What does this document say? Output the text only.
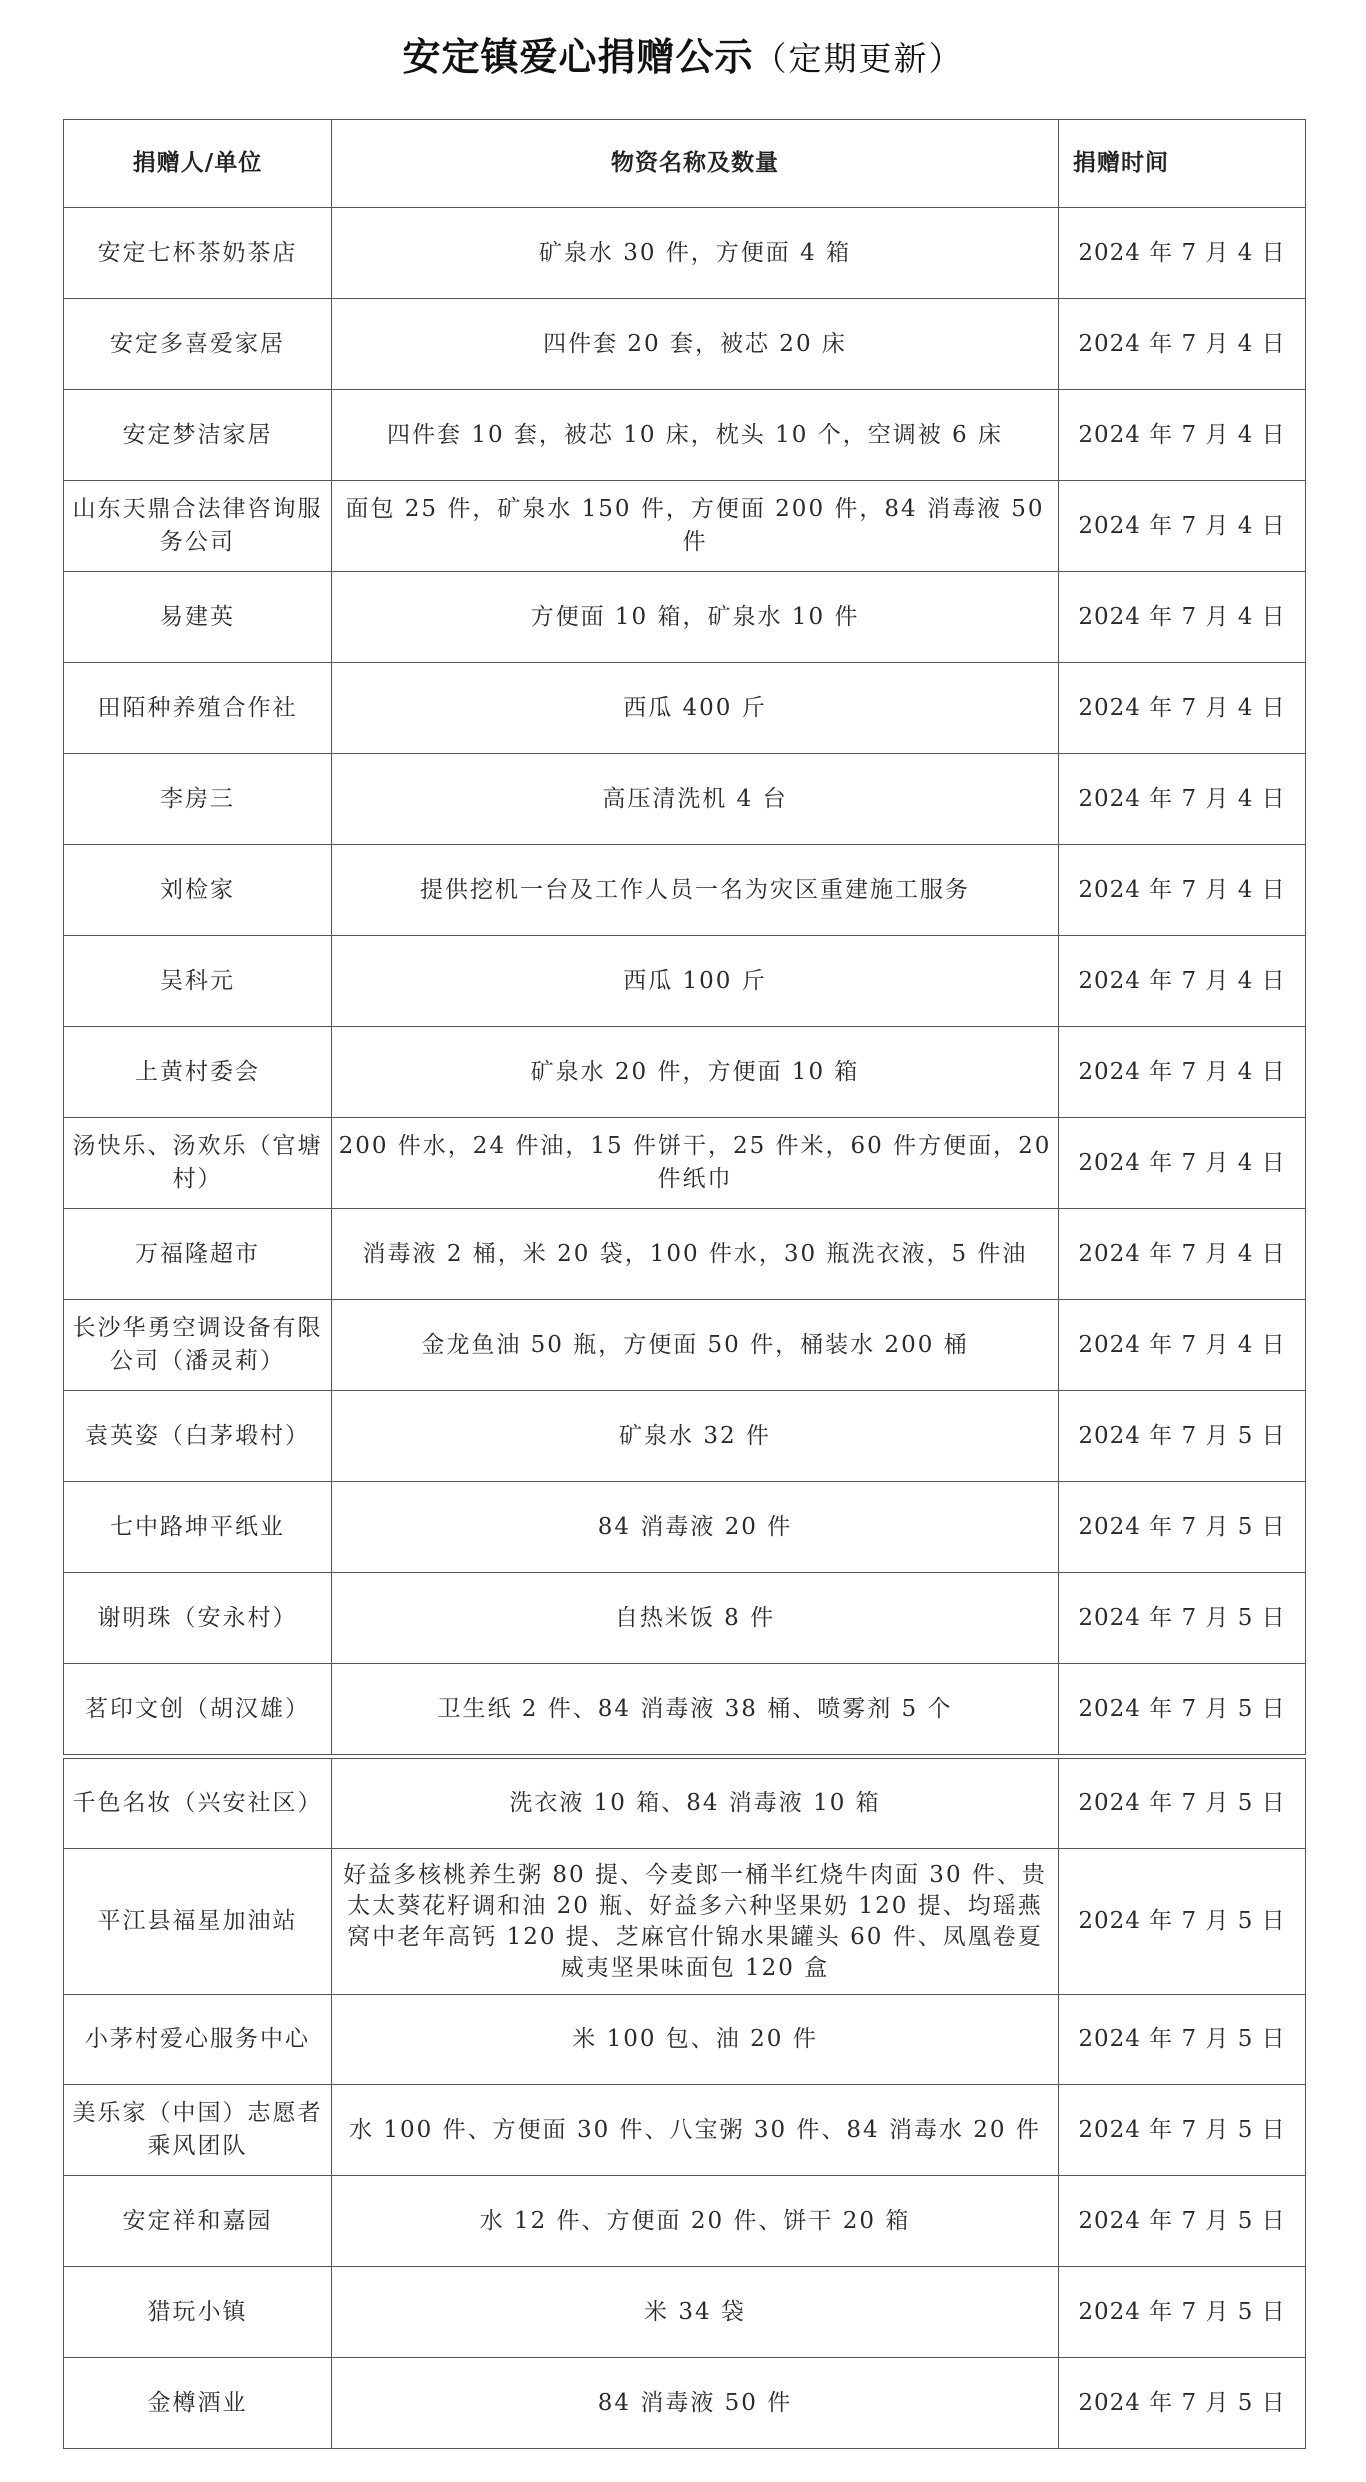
安定镇爱心捐赠公示（定期更新）
捐赠人/单位	物资名称及数量	捐赠时间
安定七杯茶奶茶店	矿泉水 30 件，方便面 4 箱	2024 年 7 月 4 日
安定多喜爱家居	四件套 20 套，被芯 20 床	2024 年 7 月 4 日
安定梦洁家居	四件套 10 套，被芯 10 床，枕头 10 个，空调被 6 床	2024 年 7 月 4 日
山东天鼎合法律咨询服务公司	面包 25 件，矿泉水 150 件，方便面 200 件，84 消毒液 50 件	2024 年 7 月 4 日
易建英	方便面 10 箱，矿泉水 10 件	2024 年 7 月 4 日
田陌种养殖合作社	西瓜 400 斤	2024 年 7 月 4 日
李房三	高压清洗机 4 台	2024 年 7 月 4 日
刘检家	提供挖机一台及工作人员一名为灾区重建施工服务	2024 年 7 月 4 日
吴科元	西瓜 100 斤	2024 年 7 月 4 日
上黄村委会	矿泉水 20 件，方便面 10 箱	2024 年 7 月 4 日
汤快乐、汤欢乐（官塘村）	200 件水，24 件油，15 件饼干，25 件米，60 件方便面，20 件纸巾	2024 年 7 月 4 日
万福隆超市	消毒液 2 桶，米 20 袋，100 件水，30 瓶洗衣液，5 件油	2024 年 7 月 4 日
长沙华勇空调设备有限公司（潘灵莉）	金龙鱼油 50 瓶，方便面 50 件，桶装水 200 桶	2024 年 7 月 4 日
袁英姿（白茅塅村）	矿泉水 32 件	2024 年 7 月 5 日
七中路坤平纸业	84 消毒液 20 件	2024 年 7 月 5 日
谢明珠（安永村）	自热米饭 8 件	2024 年 7 月 5 日
茗印文创（胡汉雄）	卫生纸 2 件、84 消毒液 38 桶、喷雾剂 5 个	2024 年 7 月 5 日
千色名妆（兴安社区）	洗衣液 10 箱、84 消毒液 10 箱	2024 年 7 月 5 日
平江县福星加油站	好益多核桃养生粥 80 提、今麦郎一桶半红烧牛肉面 30 件、贵太太葵花籽调和油 20 瓶、好益多六种坚果奶 120 提、均瑶燕窝中老年高钙 120 提、芝麻官什锦水果罐头 60 件、凤凰卷夏威夷坚果味面包 120 盒	2024 年 7 月 5 日
小茅村爱心服务中心	米 100 包、油 20 件	2024 年 7 月 5 日
美乐家（中国）志愿者乘风团队	水 100 件、方便面 30 件、八宝粥 30 件、84 消毒水 20 件	2024 年 7 月 5 日
安定祥和嘉园	水 12 件、方便面 20 件、饼干 20 箱	2024 年 7 月 5 日
猎玩小镇	米 34 袋	2024 年 7 月 5 日
金樽酒业	84 消毒液 50 件	2024 年 7 月 5 日
